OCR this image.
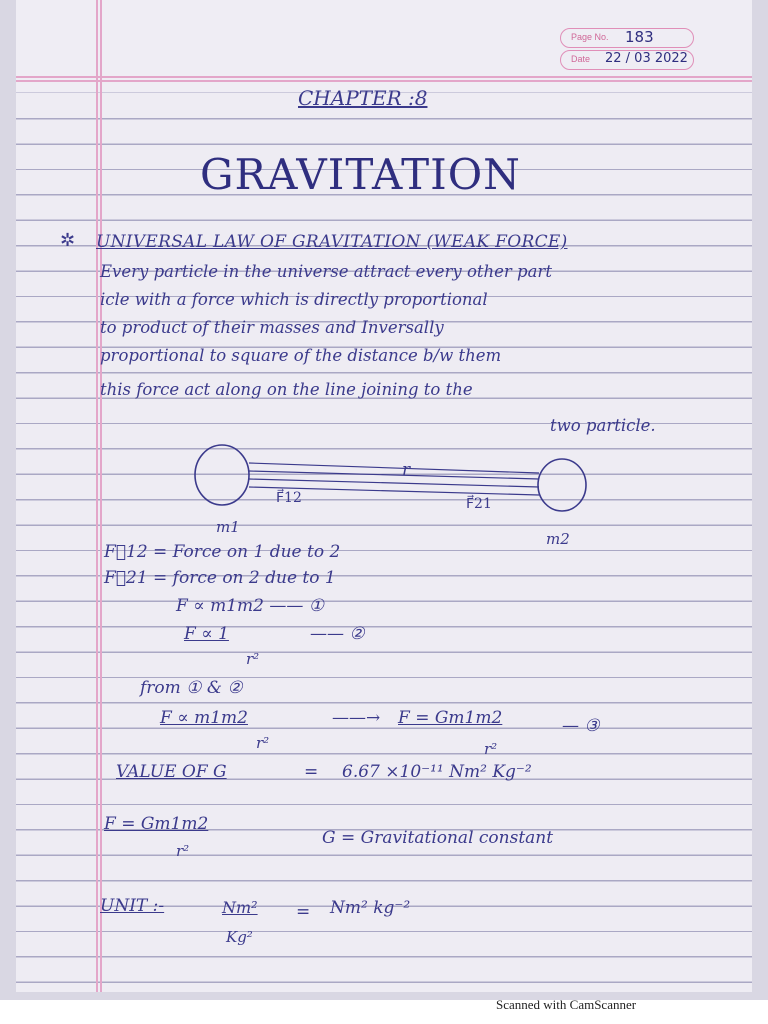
Page No. 183
Date 22 / 03 2022
CHAPTER :8
GRAVITATION
✲ UNIVERSAL LAW OF GRAVITATION (WEAK FORCE)
Every particle in the universe attract every other part
icle with a force which is directly proportional
to product of their masses and Inversally
proportional to square of the distance b/w them
this force act along on the line joining to the
two particle.
r
F⃗12	F⃗21
m1
m2
F⃗12 = Force on 1 due to 2
F⃗21 = force on 2 due to 1
F ∝ m1m2 —— ①
F ∝ 1
r²
—— ②
from ① & ②
F ∝ m1m2
r²
——→ F = Gm1m2
r²
— ③
VALUE OF G	= 6.67 ×10⁻¹¹ Nm² Kg⁻²
F = Gm1m2
r²
G = Gravitational constant
UNIT :-	Nm²
Kg²
= Nm² kg⁻²
Scanned with CamScanner
